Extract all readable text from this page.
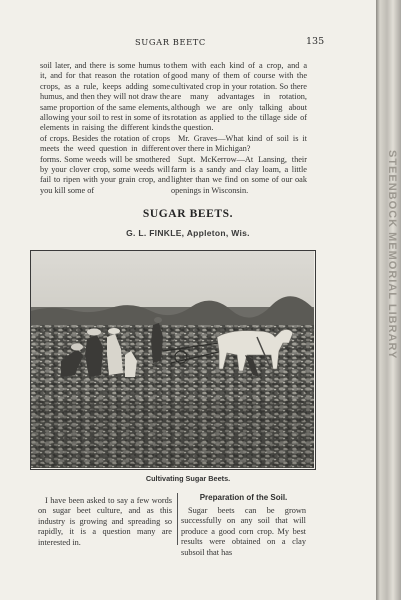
SUGAR BEETC	135

soil later, and there is some humus to it, and for that reason the rotation of crops, as a rule, keeps adding some humus, and then they will not draw the same proportion of the same elements, allowing your soil to rest in some of its elements in raising the different kinds of crops. Besides the rotation of crops meets the weed question in different forms. Some weeds will be smothered by your clover crop, some weeds will fail to ripen with your grain crop, and you kill some of

them with each kind of a crop, and a good many of them of course with the cultivated crop in your rotation. So there are many advantages in rotation, although we are only talking about rotation as applied to the tillage side of the question.

Mr. Graves—What kind of soil is it over there in Michigan?

Supt. McKerrow—At Lansing, their farm is a sandy and clay loam, a little lighter than we find on some of our oak openings in Wisconsin.

SUGAR BEETS.
G. L. FINKLE, Appleton, Wis.
Cultivating Sugar Beets.

I have been asked to say a few words on sugar beet culture, and as this industry is growing and spreading so rapidly, it is a question many are interested in.

Preparation of the Soil.

Sugar beets can be grown successfully on any soil that will produce a good corn crop. My best results were obtained on a clay subsoil that has

STEENBOCK MEMORIAL LIBRARY
